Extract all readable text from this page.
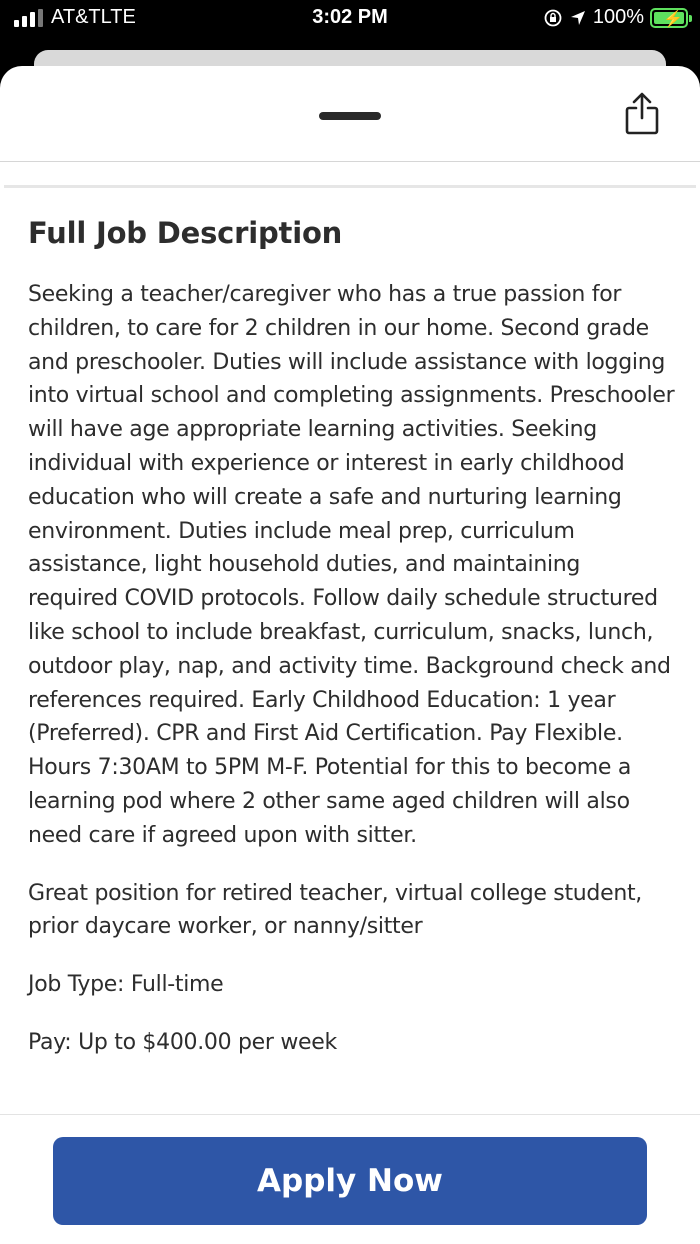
AT&T LTE	3:02 PM	100% ⚡
Full Job Description

Seeking a teacher/caregiver who has a true passion for children, to care for 2 children in our home. Second grade and preschooler. Duties will include assistance with logging into virtual school and completing assignments. Preschooler will have age appropriate learning activities. Seeking individual with experience or interest in early childhood education who will create a safe and nurturing learning environment. Duties include meal prep, curriculum assistance, light household duties, and maintaining required COVID protocols. Follow daily schedule structured like school to include breakfast, curriculum, snacks, lunch, outdoor play, nap, and activity time. Background check and references required. Early Childhood Education: 1 year (Preferred). CPR and First Aid Certification. Pay Flexible. Hours 7:30AM to 5PM M-F. Potential for this to become a learning pod where 2 other same aged children will also need care if agreed upon with sitter.

Great position for retired teacher, virtual college student, prior daycare worker, or nanny/sitter

Job Type: Full-time

Pay: Up to $400.00 per week

Apply Now
